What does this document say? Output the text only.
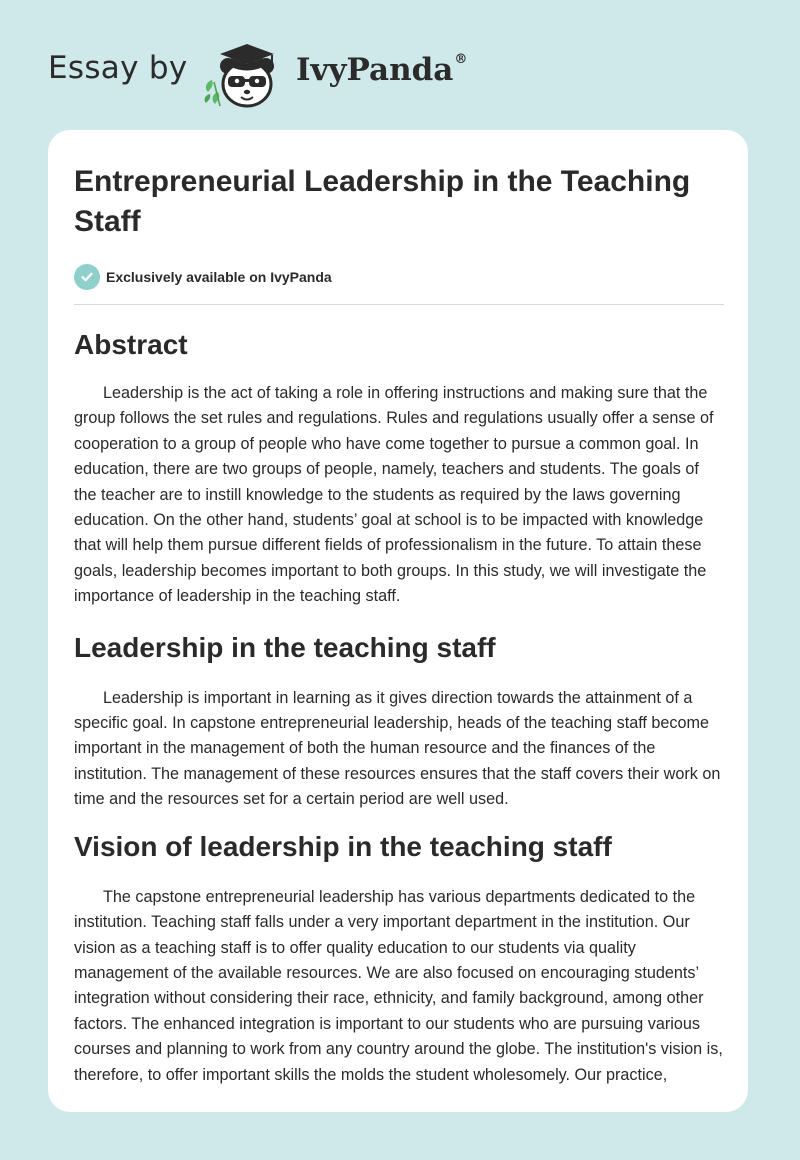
Essay by	IvyPanda®
Entrepreneurial Leadership in the Teaching Staff
Exclusively available on IvyPanda
Abstract

Leadership is the act of taking a role in offering instructions and making sure that the group follows the set rules and regulations. Rules and regulations usually offer a sense of cooperation to a group of people who have come together to pursue a common goal. In education, there are two groups of people, namely, teachers and students. The goals of the teacher are to instill knowledge to the students as required by the laws governing education. On the other hand, students’ goal at school is to be impacted with knowledge that will help them pursue different fields of professionalism in the future. To attain these goals, leadership becomes important to both groups. In this study, we will investigate the importance of leadership in the teaching staff.

Leadership in the teaching staff

Leadership is important in learning as it gives direction towards the attainment of a specific goal. In capstone entrepreneurial leadership, heads of the teaching staff become important in the management of both the human resource and the finances of the institution. The management of these resources ensures that the staff covers their work on time and the resources set for a certain period are well used.

Vision of leadership in the teaching staff

The capstone entrepreneurial leadership has various departments dedicated to the institution. Teaching staff falls under a very important department in the institution. Our vision as a teaching staff is to offer quality education to our students via quality management of the available resources. We are also focused on encouraging students’ integration without considering their race, ethnicity, and family background, among other factors. The enhanced integration is important to our students who are pursuing various courses and planning to work from any country around the globe. The institution's vision is, therefore, to offer important skills the molds the student wholesomely. Our practice,
